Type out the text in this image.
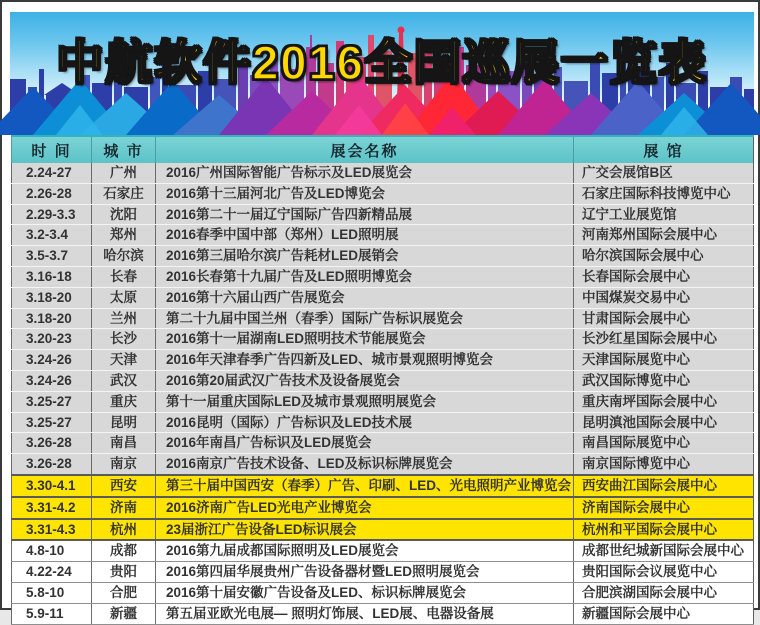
中航软件2016全国巡展一览表
时 间	城 市	展会名称	展 馆
2.24-27	广州	2016广州国际智能广告标示及LED展览会	广交会展馆B区
2.26-28	石家庄	2016第十三届河北广告及LED博览会	石家庄国际科技博览中心
2.29-3.3	沈阳	2016第二十一届辽宁国际广告四新精品展	辽宁工业展览馆
3.2-3.4	郑州	2016春季中国中部（郑州）LED照明展	河南郑州国际会展中心
3.5-3.7	哈尔滨	2016第三届哈尔滨广告耗材LED展销会	哈尔滨国际会展中心
3.16-18	长春	2016长春第十九届广告及LED照明博览会	长春国际会展中心
3.18-20	太原	2016第十六届山西广告展览会	中国煤炭交易中心
3.18-20	兰州	第二十九届中国兰州（春季）国际广告标识展览会	甘肃国际会展中心
3.20-23	长沙	2016第十一届湖南LED照明技术节能展览会	长沙红星国际会展中心
3.24-26	天津	2016年天津春季广告四新及LED、城市景观照明博览会	天津国际展览中心
3.24-26	武汉	2016第20届武汉广告技术及设备展览会	武汉国际博览中心
3.25-27	重庆	第十一届重庆国际LED及城市景观照明展览会	重庆南坪国际会展中心
3.25-27	昆明	2016昆明（国际）广告标识及LED技术展	昆明滇池国际会展中心
3.26-28	南昌	2016年南昌广告标识及LED展览会	南昌国际展览中心
3.26-28	南京	2016南京广告技术设备、LED及标识标牌展览会	南京国际博览中心
3.30-4.1	西安	第三十届中国西安（春季）广告、印刷、LED、光电照明产业博览会	西安曲江国际会展中心
3.31-4.2	济南	2016济南广告LED光电产业博览会	济南国际会展中心
3.31-4.3	杭州	23届浙江广告设备LED标识展会	杭州和平国际会展中心
4.8-10	成都	2016第九届成都国际照明及LED展览会	成都世纪城新国际会展中心
4.22-24	贵阳	2016第四届华展贵州广告设备器材暨LED照明展览会	贵阳国际会议展览中心
5.8-10	合肥	2016第十届安徽广告设备及LED、标识标牌展览会	合肥滨湖国际会展中心
5.9-11	新疆	第五届亚欧光电展— 照明灯饰展、LED展、电器设备展	新疆国际会展中心
